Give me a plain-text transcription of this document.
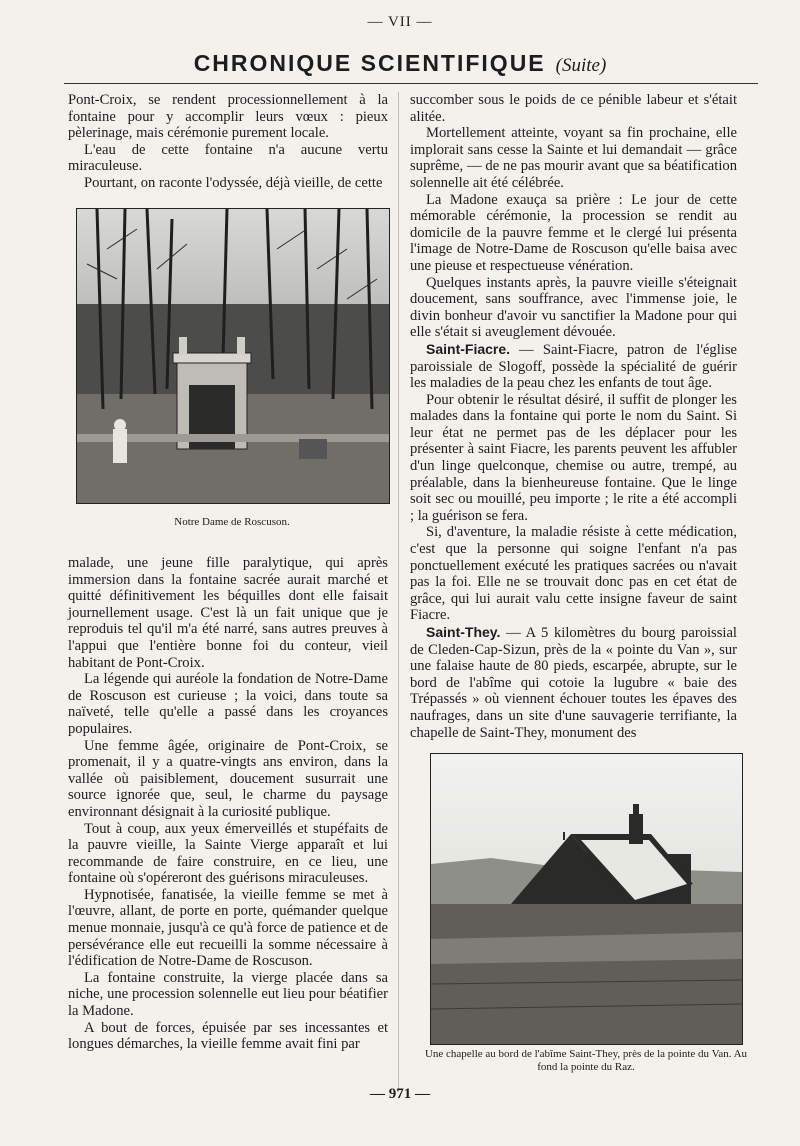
— VII —
CHRONIQUE SCIENTIFIQUE (Suite)

Pont-Croix, se rendent processionnellement à la fontaine pour y accomplir leurs vœux : pieux pèlerinage, mais cérémonie purement locale.

L'eau de cette fontaine n'a aucune vertu miraculeuse.

Pourtant, on raconte l'odyssée, déjà vieille, de cette

Notre Dame de Roscuson.

malade, une jeune fille paralytique, qui après immersion dans la fontaine sacrée aurait marché et quitté définitivement les béquilles dont elle faisait journellement usage. C'est là un fait unique que je reproduis tel qu'il m'a été narré, sans autres preuves à l'appui que l'entière bonne foi du conteur, vieil habitant de Pont-Croix.

La légende qui auréole la fondation de Notre-Dame de Roscuson est curieuse ; la voici, dans toute sa naïveté, telle qu'elle a passé dans les croyances populaires.

Une femme âgée, originaire de Pont-Croix, se promenait, il y a quatre-vingts ans environ, dans la vallée où paisiblement, doucement susurrait une source ignorée que, seul, le charme du paysage environnant désignait à la curiosité publique.

Tout à coup, aux yeux émerveillés et stupéfaits de la pauvre vieille, la Sainte Vierge apparaît et lui recommande de faire construire, en ce lieu, une fontaine où s'opéreront des guérisons miraculeuses.

Hypnotisée, fanatisée, la vieille femme se met à l'œuvre, allant, de porte en porte, quémander quelque menue monnaie, jusqu'à ce qu'à force de patience et de persévérance elle eut recueilli la somme nécessaire à l'édification de Notre-Dame de Roscuson.

La fontaine construite, la vierge placée dans sa niche, une procession solennelle eut lieu pour béatifier la Madone.

A bout de forces, épuisée par ses incessantes et longues démarches, la vieille femme avait fini par

succomber sous le poids de ce pénible labeur et s'était alitée.

Mortellement atteinte, voyant sa fin prochaine, elle implorait sans cesse la Sainte et lui demandait — grâce suprême, — de ne pas mourir avant que sa béatification solennelle ait été célébrée.

La Madone exauça sa prière : Le jour de cette mémorable cérémonie, la procession se rendit au domicile de la pauvre femme et le clergé lui présenta l'image de Notre-Dame de Roscuson qu'elle baisa avec une pieuse et respectueuse vénération.

Quelques instants après, la pauvre vieille s'éteignait doucement, sans souffrance, avec l'immense joie, le divin bonheur d'avoir vu sanctifier la Madone pour qui elle s'était si aveuglement dévouée.

Saint-Fiacre. — Saint-Fiacre, patron de l'église paroissiale de Slogoff, possède la spécialité de guérir les maladies de la peau chez les enfants de tout âge.

Pour obtenir le résultat désiré, il suffit de plonger les malades dans la fontaine qui porte le nom du Saint. Si leur état ne permet pas de les déplacer pour les présenter à saint Fiacre, les parents peuvent les affubler d'un linge quelconque, chemise ou autre, trempé, au préalable, dans la bienheureuse fontaine. Que le linge soit sec ou mouillé, peu importe ; le rite a été accompli ; la guérison se fera.

Si, d'aventure, la maladie résiste à cette médication, c'est que la personne qui soigne l'enfant n'a pas ponctuellement exécuté les pratiques sacrées ou n'avait pas la foi. Elle ne se trouvait donc pas en cet état de grâce, qui lui aurait valu cette insigne faveur de saint Fiacre.

Saint-They. — A 5 kilomètres du bourg paroissial de Cleden-Cap-Sizun, près de la « pointe du Van », sur une falaise haute de 80 pieds, escarpée, abrupte, sur le bord de l'abîme qui cotoie la lugubre « baie des Trépassés » où viennent échouer toutes les épaves des naufrages, dans un site d'une sauvagerie terrifiante, la chapelle de Saint-They, monument des

Une chapelle au bord de l'abîme Saint-They, près de la pointe du Van. Au fond la pointe du Raz.
— 971 —
